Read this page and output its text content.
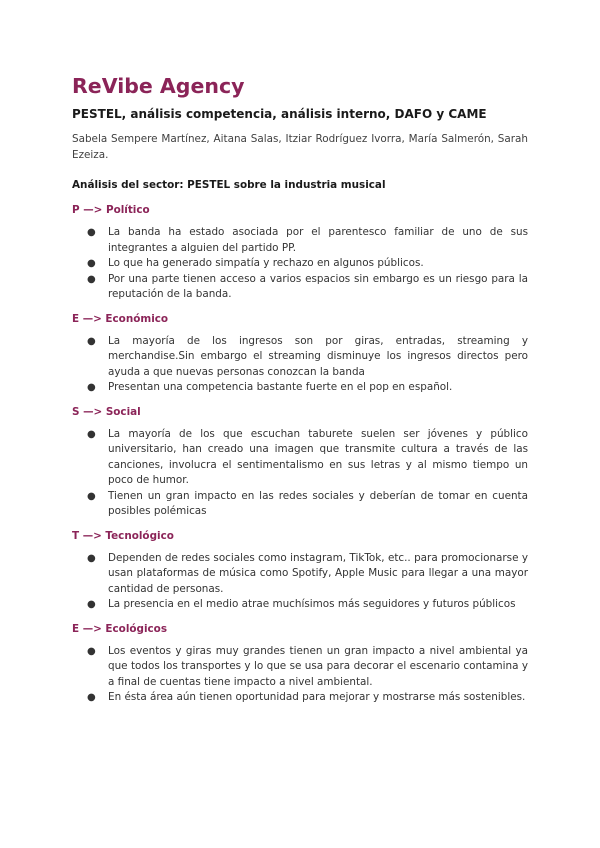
ReVibe Agency
PESTEL, análisis competencia, análisis interno, DAFO y CAME
Sabela Sempere Martínez, Aitana Salas, Itziar Rodríguez Ivorra, María Salmerón, Sarah Ezeiza.
Análisis del sector: PESTEL sobre la industria musical
P —> Político
● La banda ha estado asociada por el parentesco familiar de uno de sus integrantes a alguien del partido PP.
● Lo que ha generado simpatía y rechazo en algunos públicos.
● Por una parte tienen acceso a varios espacios sin embargo es un riesgo para la reputación de la banda.
E —> Económico
● La mayoría de los ingresos son por giras, entradas, streaming y merchandise.Sin embargo el streaming disminuye los ingresos directos pero ayuda a que nuevas personas conozcan la banda
● Presentan una competencia bastante fuerte en el pop en español.
S —> Social
● La mayoría de los que escuchan taburete suelen ser jóvenes y público universitario, han creado una imagen que transmite cultura a través de las canciones, involucra el sentimentalismo en sus letras y al mismo tiempo un poco de humor.
● Tienen un gran impacto en las redes sociales y deberían de tomar en cuenta posibles polémicas
T —> Tecnológico
● Dependen de redes sociales como instagram, TikTok, etc.. para promocionarse y usan plataformas de música como Spotify, Apple Music para llegar a una mayor cantidad de personas.
● La presencia en el medio atrae muchísimos más seguidores y futuros públicos
E —> Ecológicos
● Los eventos y giras muy grandes tienen un gran impacto a nivel ambiental ya que todos los transportes y lo que se usa para decorar el escenario contamina y a final de cuentas tiene impacto a nivel ambiental.
● En ésta área aún tienen oportunidad para mejorar y mostrarse más sostenibles.
